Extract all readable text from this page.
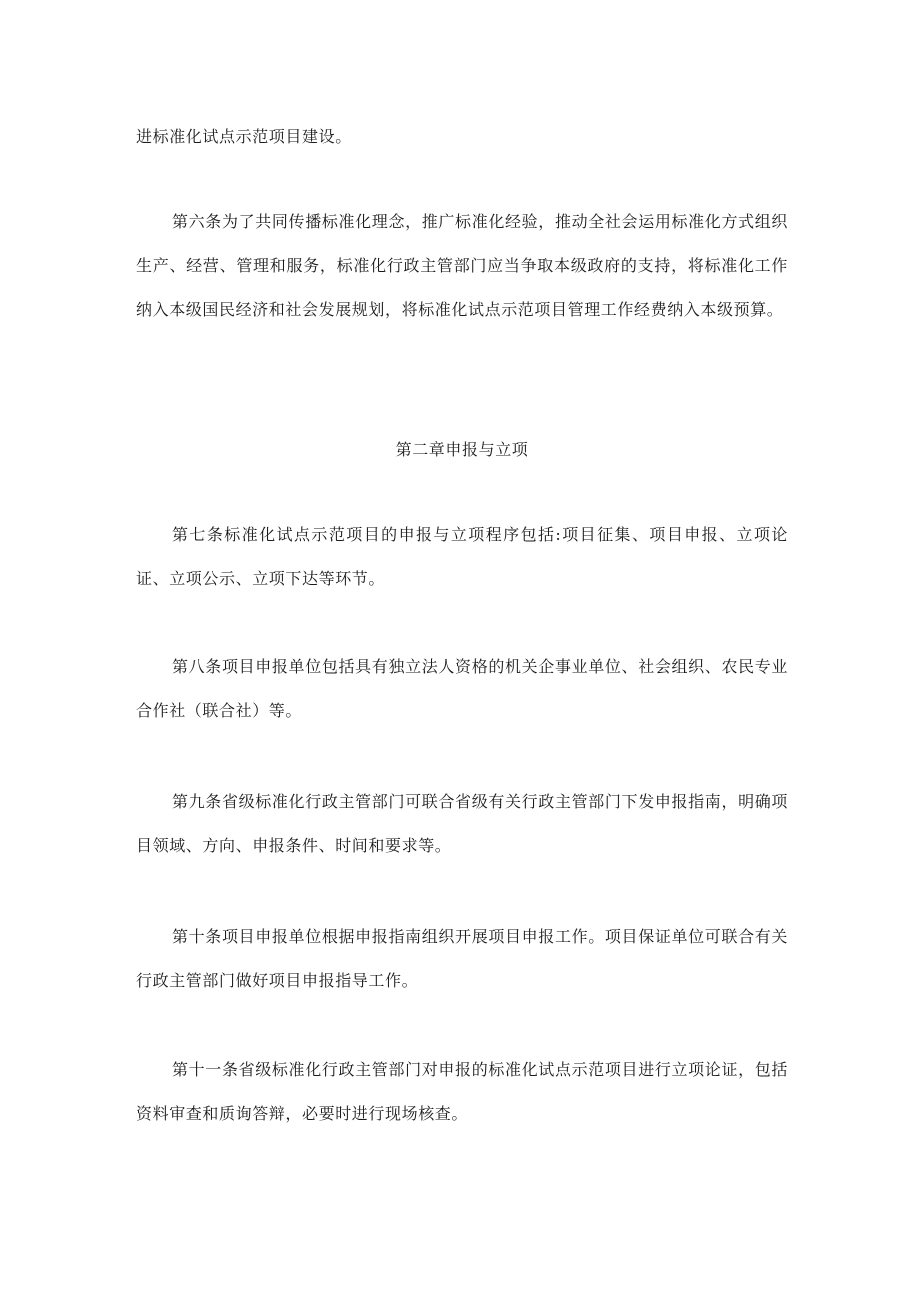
进标准化试点示范项目建设。

第六条为了共同传播标准化理念，推广标准化经验，推动全社会运用标准化方式组织生产、经营、管理和服务，标准化行政主管部门应当争取本级政府的支持，将标准化工作纳入本级国民经济和社会发展规划，将标准化试点示范项目管理工作经费纳入本级预算。

第二章申报与立项

第七条标准化试点示范项目的申报与立项程序包括:项目征集、项目申报、立项论证、立项公示、立项下达等环节。

第八条项目申报单位包括具有独立法人资格的机关企事业单位、社会组织、农民专业合作社（联合社）等。

第九条省级标准化行政主管部门可联合省级有关行政主管部门下发申报指南，明确项目领域、方向、申报条件、时间和要求等。

第十条项目申报单位根据申报指南组织开展项目申报工作。项目保证单位可联合有关行政主管部门做好项目申报指导工作。

第十一条省级标准化行政主管部门对申报的标准化试点示范项目进行立项论证，包括资料审查和质询答辩，必要时进行现场核查。
